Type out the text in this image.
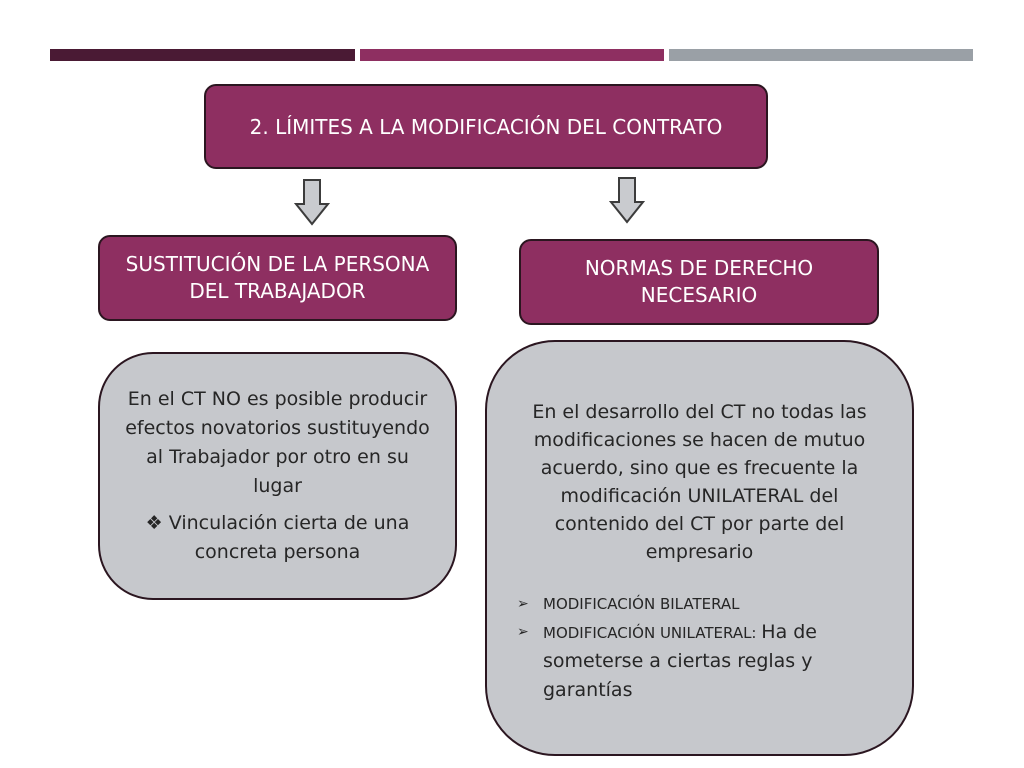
2. LÍMITES A LA MODIFICACIÓN DEL CONTRATO
SUSTITUCIÓN DE LA PERSONA
DEL TRABAJADOR
NORMAS DE DERECHO
NECESARIO
En el CT NO es posible producir
efectos novatorios sustituyendo
al Trabajador por otro en su
lugar
❖ Vinculación cierta de una
concreta persona
En el desarrollo del CT no todas las
modificaciones se hacen de mutuo
acuerdo, sino que es frecuente la
modificación UNILATERAL del
contenido del CT por parte del
empresario
➢ MODIFICACIÓN BILATERAL
➢ MODIFICACIÓN UNILATERAL: Ha de someterse a ciertas reglas y garantías
